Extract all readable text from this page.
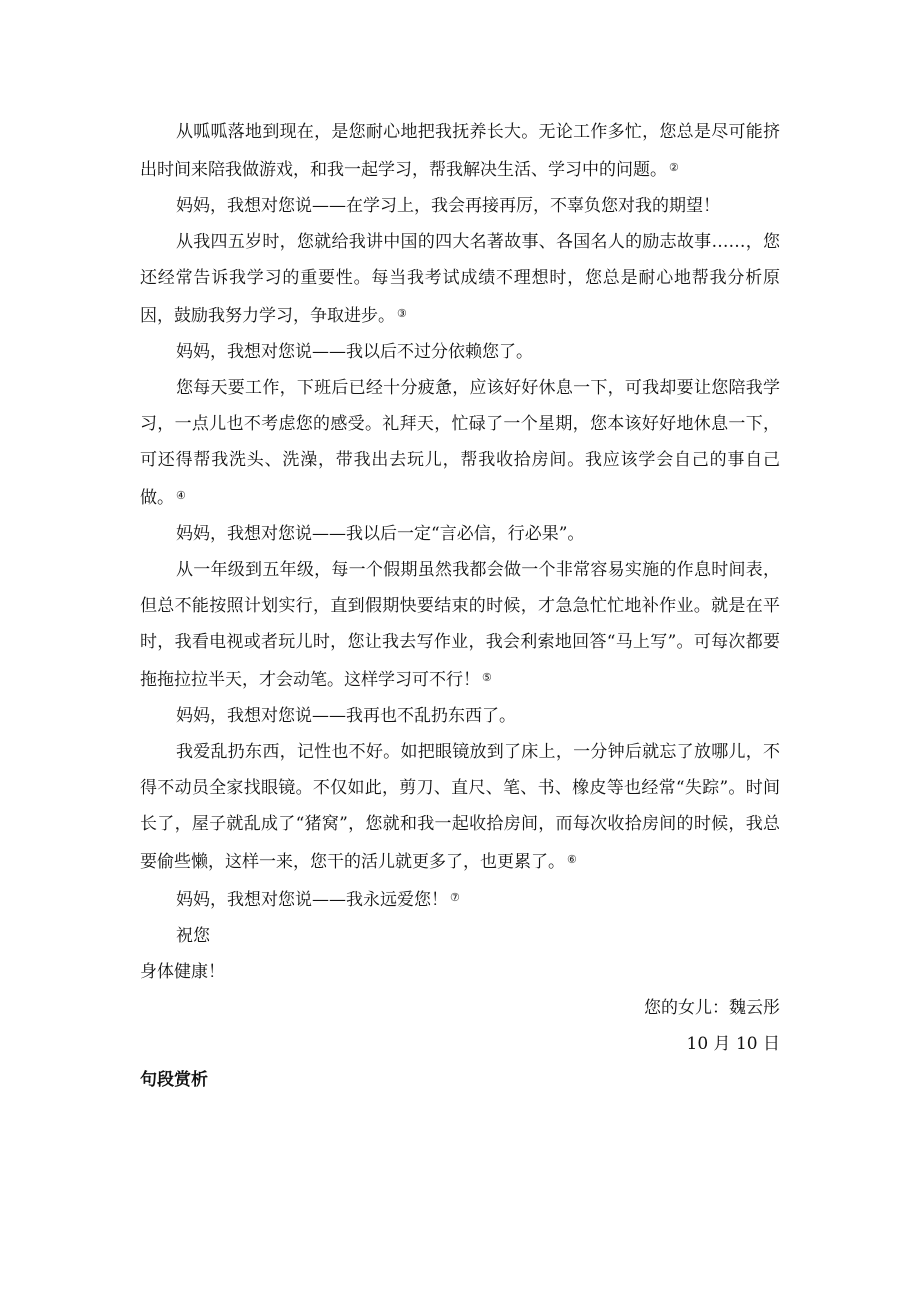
从呱呱落地到现在，是您耐心地把我抚养长大。无论工作多忙，您总是尽可能挤出时间来陪我做游戏，和我一起学习，帮我解决生活、学习中的问题。 ②

妈妈，我想对您说——在学习上，我会再接再厉，不辜负您对我的期望！

从我四五岁时，您就给我讲中国的四大名著故事、各国名人的励志故事……，您还经常告诉我学习的重要性。每当我考试成绩不理想时，您总是耐心地帮我分析原因，鼓励我努力学习，争取进步。 ③

妈妈，我想对您说——我以后不过分依赖您了。

您每天要工作，下班后已经十分疲惫，应该好好休息一下，可我却要让您陪我学习，一点儿也不考虑您的感受。礼拜天，忙碌了一个星期，您本该好好地休息一下，可还得帮我洗头、洗澡，带我出去玩儿，帮我收拾房间。我应该学会自己的事自己做。 ④

妈妈，我想对您说——我以后一定“言必信，行必果”。

从一年级到五年级，每一个假期虽然我都会做一个非常容易实施的作息时间表，但总不能按照计划实行，直到假期快要结束的时候，才急急忙忙地补作业。就是在平时，我看电视或者玩儿时，您让我去写作业，我会利索地回答“马上写”。可每次都要拖拖拉拉半天，才会动笔。这样学习可不行！ ⑤

妈妈，我想对您说——我再也不乱扔东西了。

我爱乱扔东西，记性也不好。如把眼镜放到了床上，一分钟后就忘了放哪儿，不得不动员全家找眼镜。不仅如此，剪刀、直尺、笔、书、橡皮等也经常“失踪”。时间长了，屋子就乱成了“猪窝”，您就和我一起收拾房间，而每次收拾房间的时候，我总要偷些懒，这样一来，您干的活儿就更多了，也更累了。 ⑥

妈妈，我想对您说——我永远爱您！ ⑦

祝您

身体健康！

您的女儿：魏云彤

10 月 10 日

句段赏析
